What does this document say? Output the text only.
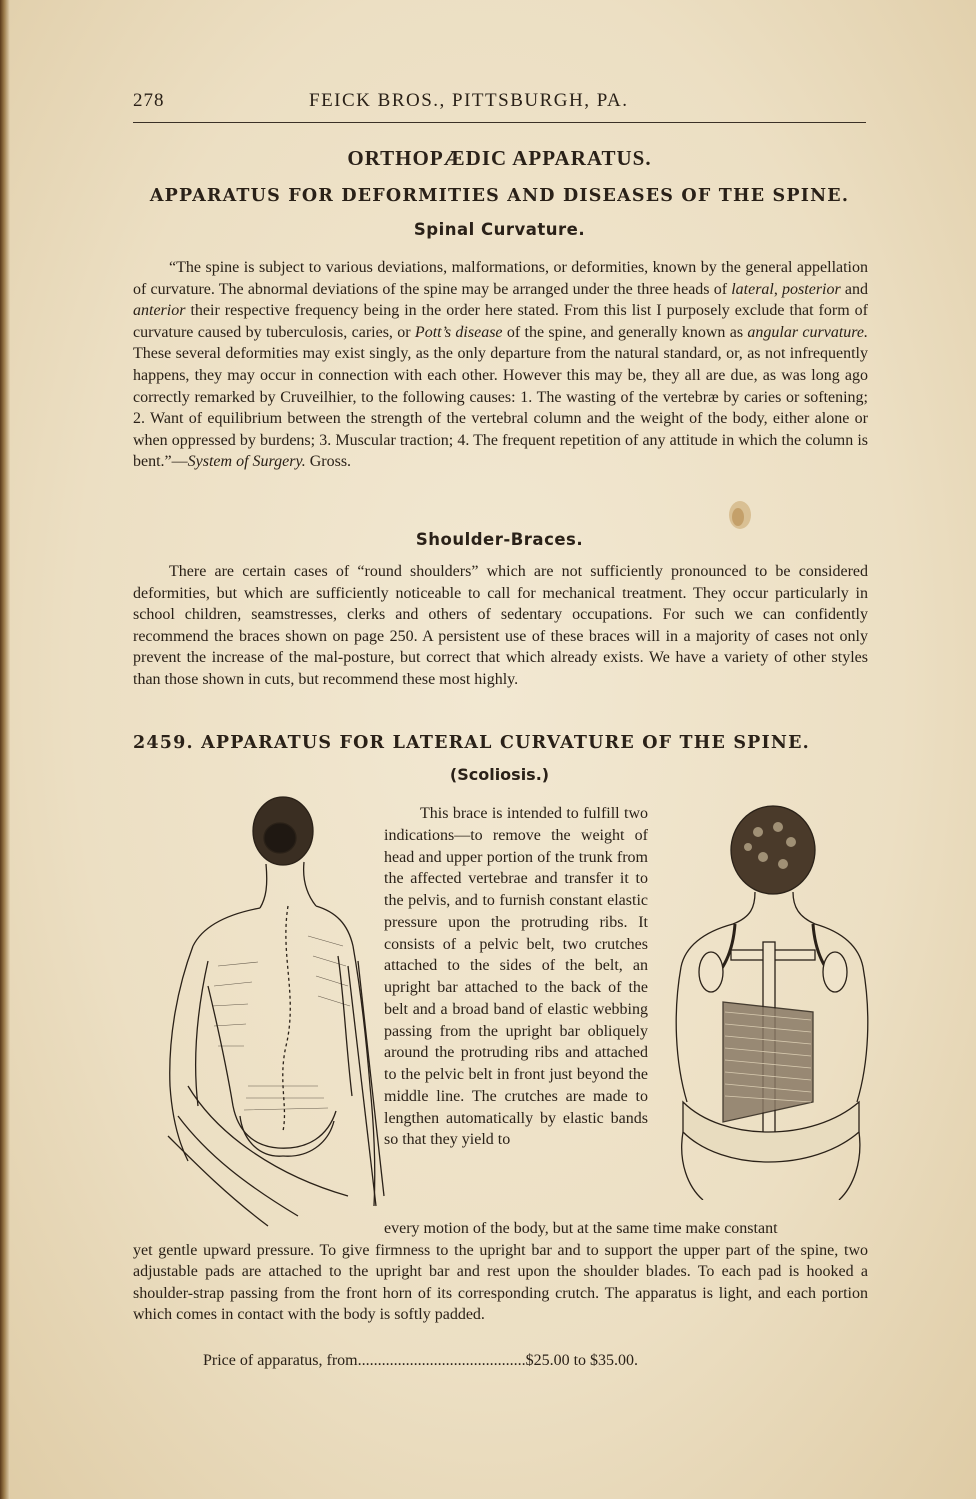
278	FEICK BROS., PITTSBURGH, PA.
ORTHOPÆDIC APPARATUS.
APPARATUS FOR DEFORMITIES AND DISEASES OF THE SPINE.
Spinal Curvature.
“The spine is subject to various deviations, malformations, or deformities, known by the general appellation of curvature. The abnormal deviations of the spine may be arranged under the three heads of lateral, posterior and anterior their respective frequency being in the order here stated. From this list I purposely exclude that form of curvature caused by tuberculosis, caries, or Pott’s disease of the spine, and generally known as angular curvature. These several deformities may exist singly, as the only departure from the natural standard, or, as not infrequently happens, they may occur in connection with each other. However this may be, they all are due, as was long ago correctly remarked by Cruveilhier, to the following causes: 1. The wasting of the vertebræ by caries or softening; 2. Want of equilibrium between the strength of the vertebral column and the weight of the body, either alone or when oppressed by burdens; 3. Muscular traction; 4. The frequent repetition of any attitude in which the column is bent.”—System of Surgery. Gross.
Shoulder-Braces.
There are certain cases of “round shoulders” which are not sufficiently pronounced to be considered deformities, but which are sufficiently noticeable to call for mechanical treatment. They occur particularly in school children, seamstresses, clerks and others of sedentary occupations. For such we can confidently recommend the braces shown on page 250. A persistent use of these braces will in a majority of cases not only prevent the increase of the mal-posture, but correct that which already exists. We have a variety of other styles than those shown in cuts, but recommend these most highly.
2459. APPARATUS FOR LATERAL CURVATURE OF THE SPINE.
(Scoliosis.)

This brace is intended to fulfill two indications—to remove the weight of head and upper portion of the trunk from the affected vertebrae and transfer it to the pelvis, and to furnish constant elastic pressure upon the protruding ribs. It consists of a pelvic belt, two crutches attached to the sides of the belt, an upright bar attached to the back of the belt and a broad band of elastic webbing passing from the upright bar obliquely around the protruding ribs and attached to the pelvic belt in front just beyond the middle line. The crutches are made to lengthen automatically by elastic bands so that they yield to

every motion of the body, but at the same time make constant

yet gentle upward pressure. To give firmness to the upright bar and to support the upper part of the spine, two adjustable pads are attached to the upright bar and rest upon the shoulder blades. To each pad is hooked a shoulder-strap passing from the front horn of its corresponding crutch. The apparatus is light, and each portion which comes in contact with the body is softly padded.

Price of apparatus, from..........................................$25.00 to $35.00.
